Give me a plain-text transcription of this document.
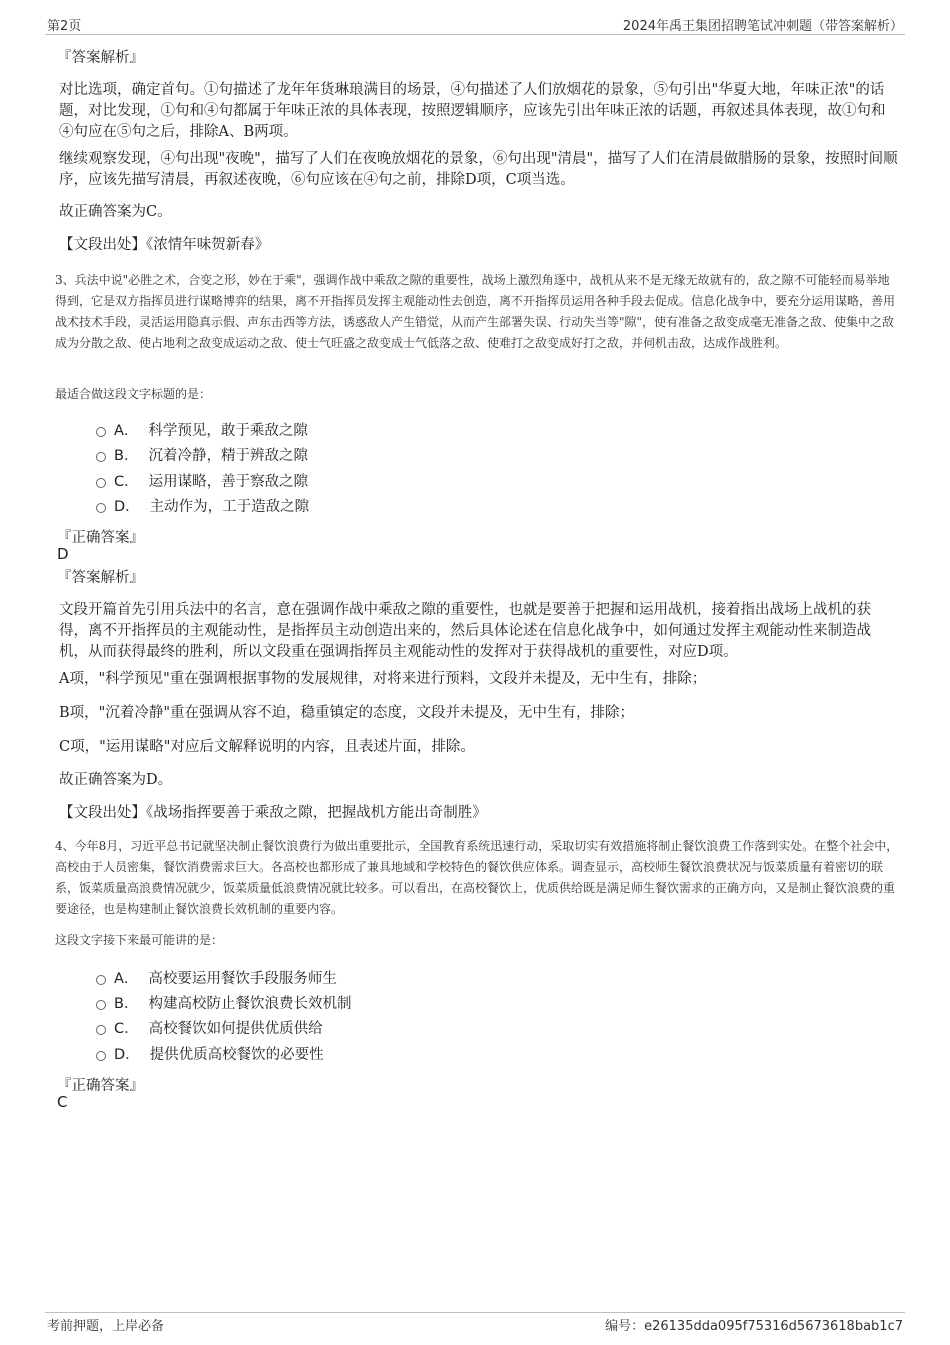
第2页	2024年禹王集团招聘笔试冲刺题（带答案解析）
『答案解析』

对比选项，确定首句。①句描述了龙年年货琳琅满目的场景，④句描述了人们放烟花的景象，⑤句引出"华夏大地，年味正浓"的话题，对比发现，①句和④句都属于年味正浓的具体表现，按照逻辑顺序，应该先引出年味正浓的话题，再叙述具体表现，故①句和④句应在⑤句之后，排除A、B两项。

继续观察发现，④句出现"夜晚"，描写了人们在夜晚放烟花的景象，⑥句出现"清晨"，描写了人们在清晨做腊肠的景象，按照时间顺序，应该先描写清晨，再叙述夜晚，⑥句应该在④句之前，排除D项，C项当选。

故正确答案为C。

【文段出处】《浓情年味贺新春》

3、兵法中说"必胜之术，合变之形，妙在于乘"，强调作战中乘敌之隙的重要性，战场上激烈角逐中，战机从来不是无缘无故就有的，敌之隙不可能轻而易举地得到，它是双方指挥员进行谋略博弈的结果，离不开指挥员发挥主观能动性去创造，离不开指挥员运用各种手段去促成。信息化战争中，要充分运用谋略，善用战术技术手段，灵活运用隐真示假、声东击西等方法，诱惑敌人产生错觉，从而产生部署失误、行动失当等"隙"，使有准备之敌变成毫无准备之敌、使集中之敌成为分散之敌、使占地利之敌变成运动之敌、使士气旺盛之敌变成士气低落之敌、使难打之敌变成好打之敌，并伺机击敌，达成作战胜利。

最适合做这段文字标题的是：

A． 科学预见，敢于乘敌之隙
B． 沉着冷静，精于辨敌之隙
C． 运用谋略，善于察敌之隙
D． 主动作为，工于造敌之隙
『正确答案』
D
『答案解析』

文段开篇首先引用兵法中的名言，意在强调作战中乘敌之隙的重要性，也就是要善于把握和运用战机，接着指出战场上战机的获得，离不开指挥员的主观能动性，是指挥员主动创造出来的，然后具体论述在信息化战争中，如何通过发挥主观能动性来制造战机，从而获得最终的胜利，所以文段重在强调指挥员主观能动性的发挥对于获得战机的重要性，对应D项。

A项，"科学预见"重在强调根据事物的发展规律，对将来进行预料，文段并未提及，无中生有，排除；

B项，"沉着冷静"重在强调从容不迫，稳重镇定的态度，文段并未提及，无中生有，排除；

C项，"运用谋略"对应后文解释说明的内容，且表述片面，排除。

故正确答案为D。

【文段出处】《战场指挥要善于乘敌之隙，把握战机方能出奇制胜》

4、今年8月，习近平总书记就坚决制止餐饮浪费行为做出重要批示，全国教育系统迅速行动，采取切实有效措施将制止餐饮浪费工作落到实处。在整个社会中，高校由于人员密集，餐饮消费需求巨大。各高校也都形成了兼具地域和学校特色的餐饮供应体系。调查显示，高校师生餐饮浪费状况与饭菜质量有着密切的联系，饭菜质量高浪费情况就少，饭菜质量低浪费情况就比较多。可以看出，在高校餐饮上，优质供给既是满足师生餐饮需求的正确方向，又是制止餐饮浪费的重要途径，也是构建制止餐饮浪费长效机制的重要内容。

这段文字接下来最可能讲的是：

A． 高校要运用餐饮手段服务师生
B． 构建高校防止餐饮浪费长效机制
C． 高校餐饮如何提供优质供给
D． 提供优质高校餐饮的必要性
『正确答案』
C
考前押题，上岸必备	编号：e26135dda095f75316d5673618bab1c7
